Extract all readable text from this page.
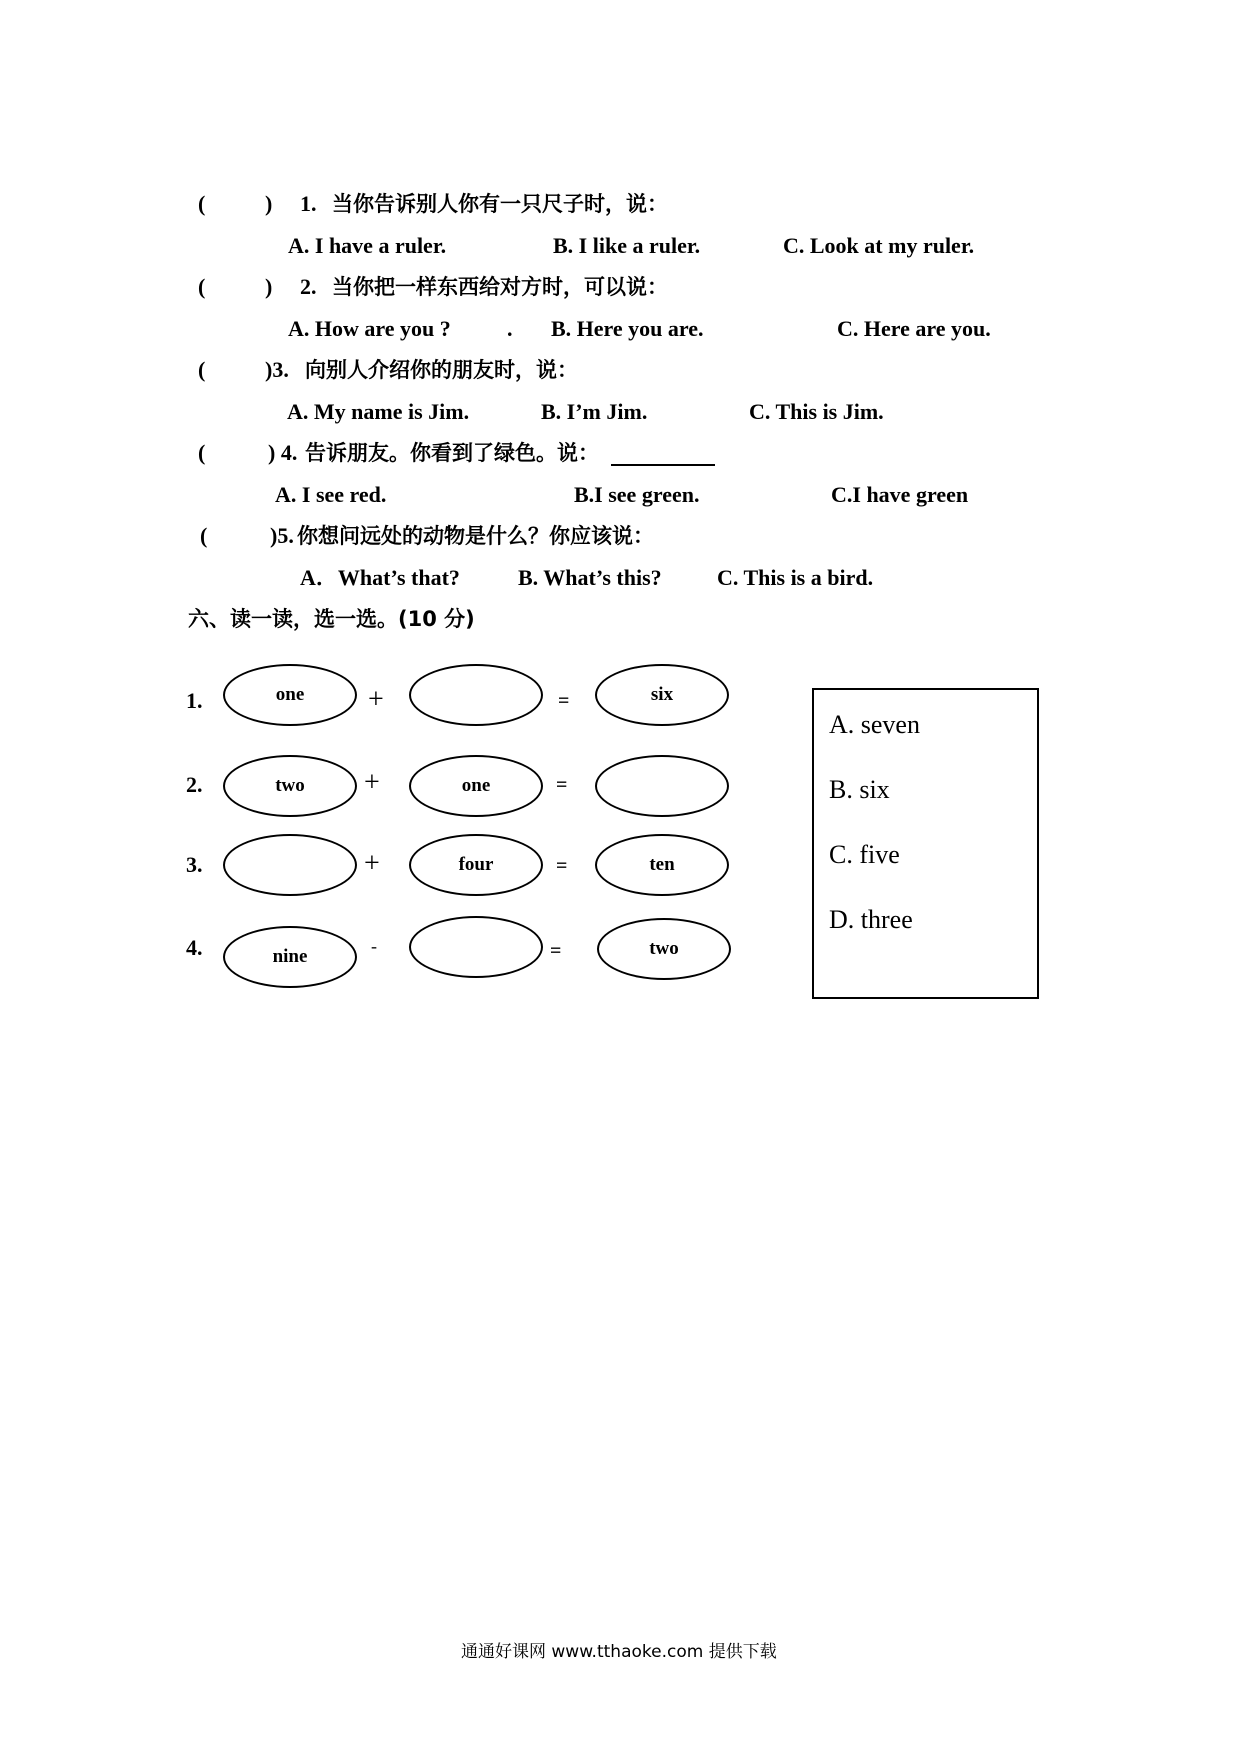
(	) 1. 当你告诉别人你有一只尺子时，说：
A. I have a ruler.	B. I like a ruler.	C. Look at my ruler.
(	) 2. 当你把一样东西给对方时，可以说：
A. How are you ?	. B. Here you are.	C. Here are you.
(	)3. 向别人介绍你的朋友时，说：
A. My name is Jim.	B. I’m Jim.	C. This is Jim.
(	) 4. 告诉朋友。你看到了绿色。说：
A. I see red.	B.I see green.	C.I have green
(	)5. 你想问远处的动物是什么？你应该说：
A．What’s that?	B. What’s this?	C. This is a bird.
六、读一读，选一选。(10 分)
1.	one +	=	six
2.	two +	one	=
3.	+	four	=	ten
4.	nine	-	=	two
A. seven
B. six
C. five
D. three
通通好课网 www.tthaoke.com 提供下载
